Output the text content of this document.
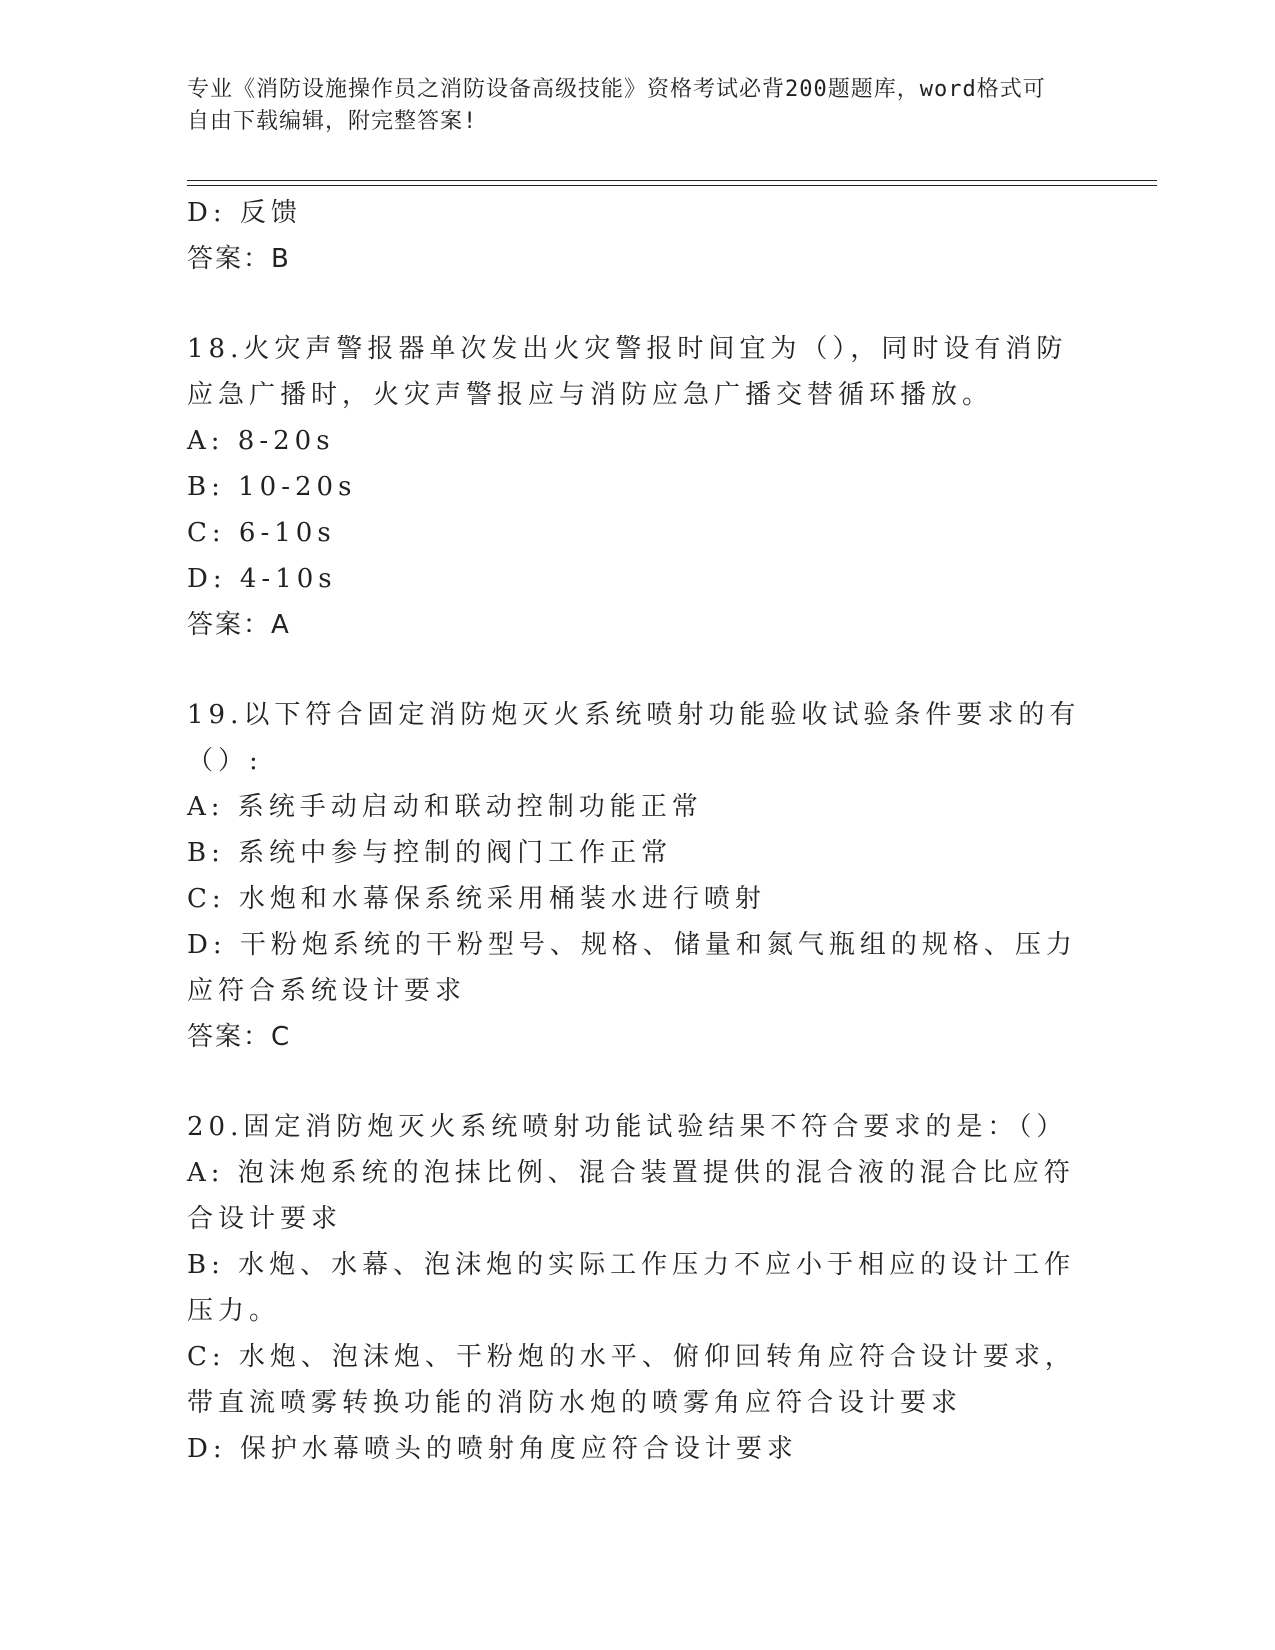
专业《消防设施操作员之消防设备高级技能》资格考试必背200题题库，word格式可自由下载编辑，附完整答案!
D: 反馈
答案：B
18.火灾声警报器单次发出火灾警报时间宜为（），同时设有消防应急广播时，火灾声警报应与消防应急广播交替循环播放。
A: 8-20s
B: 10-20s
C: 6-10s
D: 4-10s
答案：A
19.以下符合固定消防炮灭火系统喷射功能验收试验条件要求的有（）:
A: 系统手动启动和联动控制功能正常
B: 系统中参与控制的阀门工作正常
C: 水炮和水幕保系统采用桶装水进行喷射
D: 干粉炮系统的干粉型号、规格、储量和氮气瓶组的规格、压力应符合系统设计要求
答案：C
20.固定消防炮灭火系统喷射功能试验结果不符合要求的是：（）
A: 泡沫炮系统的泡抹比例、混合装置提供的混合液的混合比应符合设计要求
B: 水炮、水幕、泡沫炮的实际工作压力不应小于相应的设计工作压力。
C: 水炮、泡沫炮、干粉炮的水平、俯仰回转角应符合设计要求，带直流喷雾转换功能的消防水炮的喷雾角应符合设计要求
D: 保护水幕喷头的喷射角度应符合设计要求
